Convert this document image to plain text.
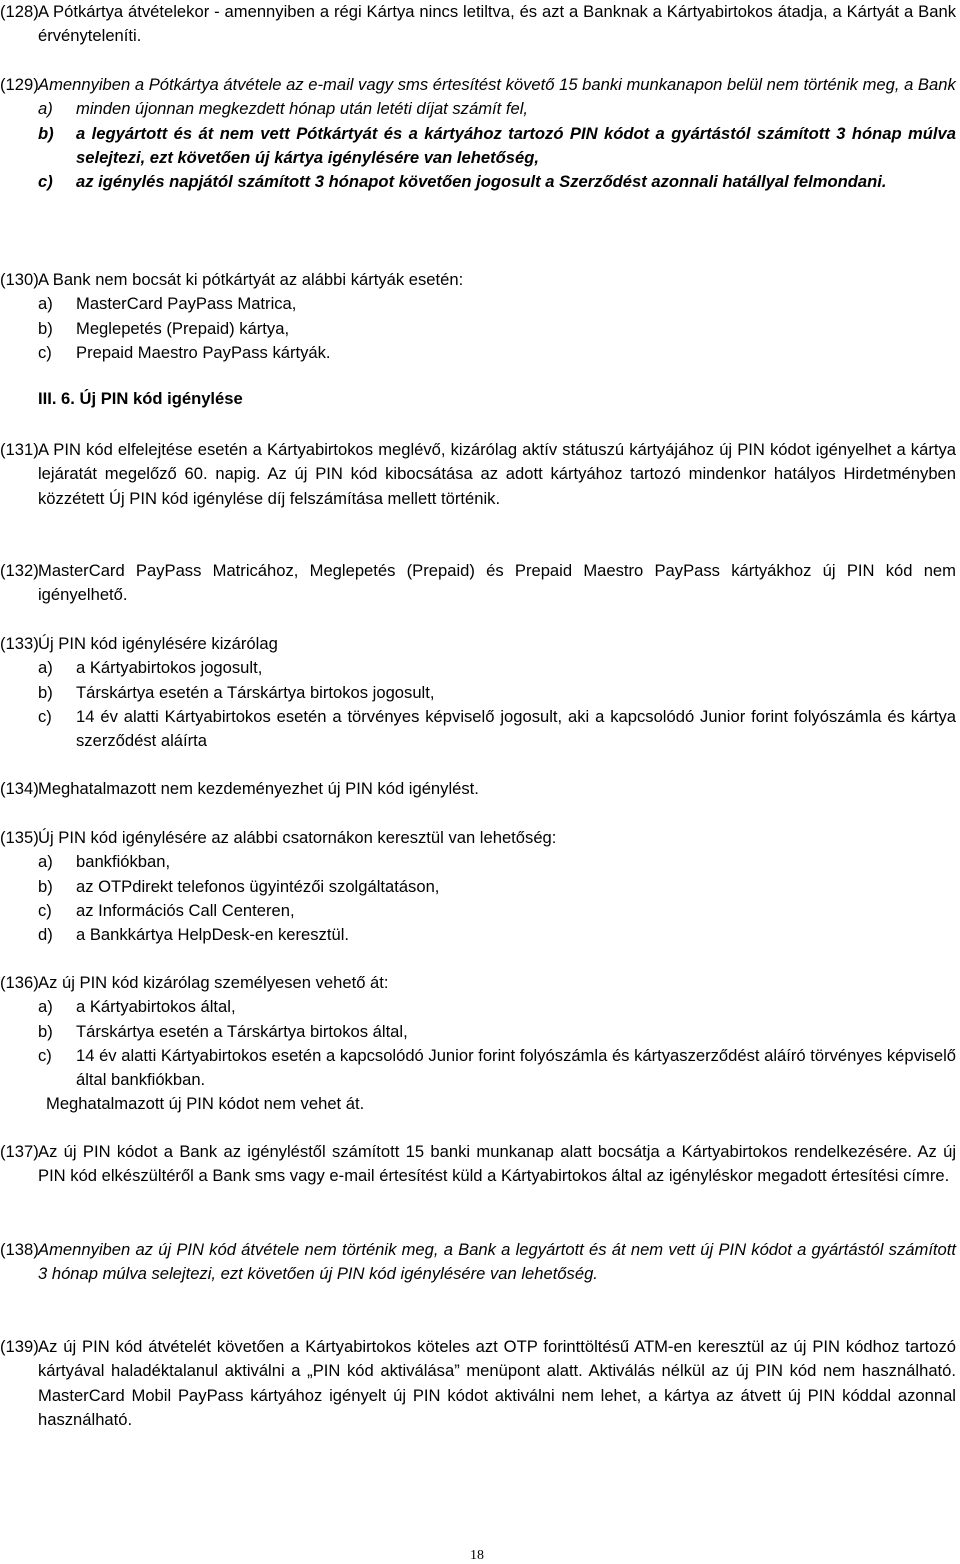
(128) A Pótkártya átvételekor - amennyiben a régi Kártya nincs letiltva, és azt a Banknak a Kártyabirtokos átadja, a Kártyát a Bank érvényteleníti.
(129) Amennyiben a Pótkártya átvétele az e-mail vagy sms értesítést követő 15 banki munkanapon belül nem történik meg, a Bank
a) minden újonnan megkezdett hónap után letéti díjat számít fel,
b) a legyártott és át nem vett Pótkártyát és a kártyához tartozó PIN kódot a gyártástól számított 3 hónap múlva selejtezi, ezt követően új kártya igénylésére van lehetőség,
c) az igénylés napjától számított 3 hónapot követően jogosult a Szerződést azonnali hatállyal felmondani.
(130) A Bank nem bocsát ki pótkártyát az alábbi kártyák esetén:
a) MasterCard PayPass Matrica,
b) Meglepetés (Prepaid) kártya,
c) Prepaid Maestro PayPass kártyák.
III. 6. Új PIN kód igénylése
(131) A PIN kód elfelejtése esetén a Kártyabirtokos meglévő, kizárólag aktív státuszú kártyájához új PIN kódot igényelhet a kártya lejáratát megelőző 60. napig. Az új PIN kód kibocsátása az adott kártyához tartozó mindenkor hatályos Hirdetményben közzétett Új PIN kód igénylése díj felszámítása mellett történik.
(132) MasterCard PayPass Matricához, Meglepetés (Prepaid) és Prepaid Maestro PayPass kártyákhoz új PIN kód nem igényelhető.
(133) Új PIN kód igénylésére kizárólag
a) a Kártyabirtokos jogosult,
b) Társkártya esetén a Társkártya birtokos jogosult,
c) 14 év alatti Kártyabirtokos esetén a törvényes képviselő jogosult, aki a kapcsolódó Junior forint folyószámla és kártya szerződést aláírta
(134) Meghatalmazott nem kezdeményezhet új PIN kód igénylést.
(135) Új PIN kód igénylésére az alábbi csatornákon keresztül van lehetőség:
a) bankfiókban,
b) az OTPdirekt telefonos ügyintézői szolgáltatáson,
c) az Információs Call Centeren,
d) a Bankkártya HelpDesk-en keresztül.
(136) Az új PIN kód kizárólag személyesen vehető át:
a) a Kártyabirtokos által,
b) Társkártya esetén a Társkártya birtokos által,
c) 14 év alatti Kártyabirtokos esetén a kapcsolódó Junior forint folyószámla és kártyaszerződést aláíró törvényes képviselő által bankfiókban.
Meghatalmazott új PIN kódot nem vehet át.
(137) Az új PIN kódot a Bank az igényléstől számított 15 banki munkanap alatt bocsátja a Kártyabirtokos rendelkezésére. Az új PIN kód elkészültéről a Bank sms vagy e-mail értesítést küld a Kártyabirtokos által az igényléskor megadott értesítési címre.
(138) Amennyiben az új PIN kód átvétele nem történik meg, a Bank a legyártott és át nem vett új PIN kódot a gyártástól számított 3 hónap múlva selejtezi, ezt követően új PIN kód igénylésére van lehetőség.
(139) Az új PIN kód átvételét követően a Kártyabirtokos köteles azt OTP forinttöltésű ATM-en keresztül az új PIN kódhoz tartozó kártyával haladéktalanul aktiválni a „PIN kód aktiválása” menüpont alatt. Aktiválás nélkül az új PIN kód nem használható. MasterCard Mobil PayPass kártyához igényelt új PIN kódot aktiválni nem lehet, a kártya az átvett új PIN kóddal azonnal használható.
18
